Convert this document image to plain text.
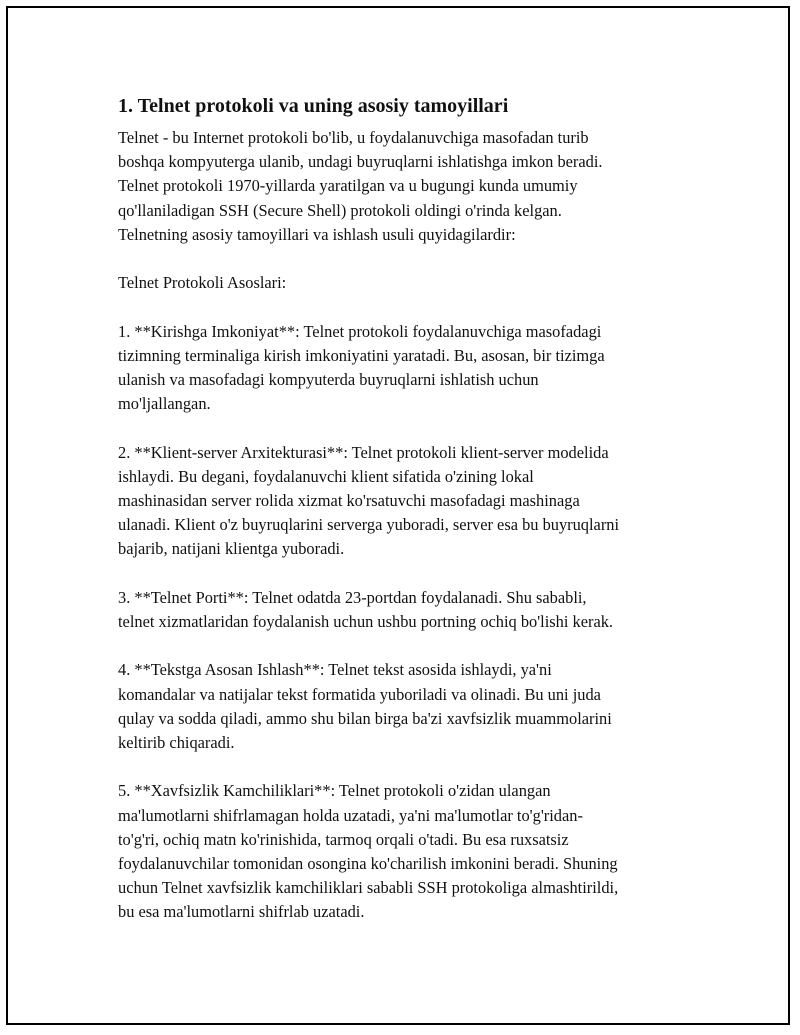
1. Telnet protokoli va uning asosiy tamoyillari

Telnet - bu Internet protokoli bo'lib, u foydalanuvchiga masofadan turib
boshqa kompyuterga ulanib, undagi buyruqlarni ishlatishga imkon beradi.
Telnet protokoli 1970-yillarda yaratilgan va u bugungi kunda umumiy
qo'llaniladigan SSH (Secure Shell) protokoli oldingi o'rinda kelgan.
Telnetning asosiy tamoyillari va ishlash usuli quyidagilardir:

Telnet Protokoli Asoslari:

1. **Kirishga Imkoniyat**: Telnet protokoli foydalanuvchiga masofadagi
tizimning terminaliga kirish imkoniyatini yaratadi. Bu, asosan, bir tizimga
ulanish va masofadagi kompyuterda buyruqlarni ishlatish uchun
mo'ljallangan.

2. **Klient-server Arxitekturasi**: Telnet protokoli klient-server modelida
ishlaydi. Bu degani, foydalanuvchi klient sifatida o'zining lokal
mashinasidan server rolida xizmat ko'rsatuvchi masofadagi mashinaga
ulanadi. Klient o'z buyruqlarini serverga yuboradi, server esa bu buyruqlarni
bajarib, natijani klientga yuboradi.

3. **Telnet Porti**: Telnet odatda 23-portdan foydalanadi. Shu sababli,
telnet xizmatlaridan foydalanish uchun ushbu portning ochiq bo'lishi kerak.

4. **Tekstga Asosan Ishlash**: Telnet tekst asosida ishlaydi, ya'ni
komandalar va natijalar tekst formatida yuboriladi va olinadi. Bu uni juda
qulay va sodda qiladi, ammo shu bilan birga ba'zi xavfsizlik muammolarini
keltirib chiqaradi.

5. **Xavfsizlik Kamchiliklari**: Telnet protokoli o'zidan ulangan
ma'lumotlarni shifrlamagan holda uzatadi, ya'ni ma'lumotlar to'g'ridan-
to'g'ri, ochiq matn ko'rinishida, tarmoq orqali o'tadi. Bu esa ruxsatsiz
foydalanuvchilar tomonidan osongina ko'charilish imkonini beradi. Shuning
uchun Telnet xavfsizlik kamchiliklari sababli SSH protokoliga almashtirildi,
bu esa ma'lumotlarni shifrlab uzatadi.
